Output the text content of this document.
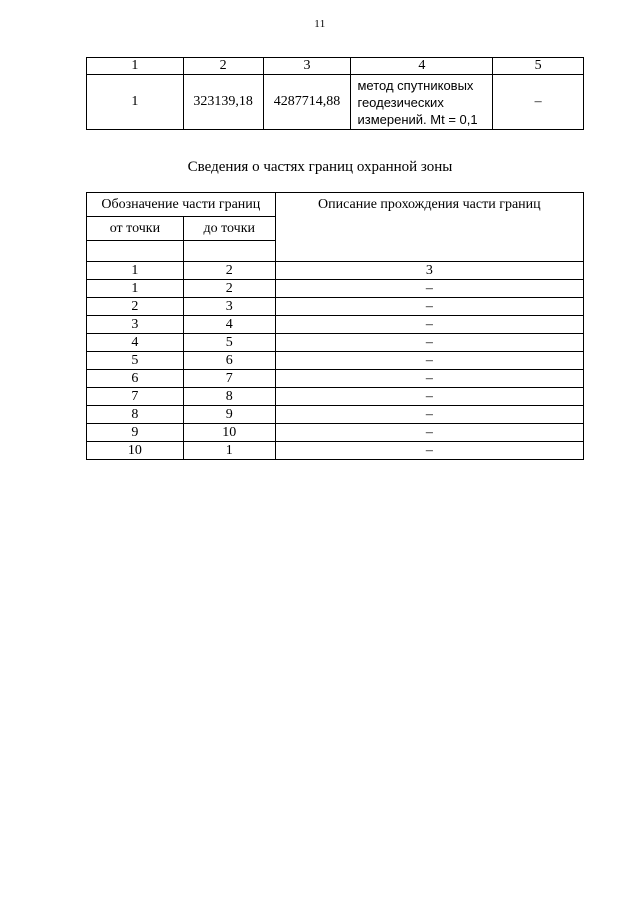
11
1	2	3	4	5
1	323139,18	4287714,88	метод спутниковых
геодезических
измерений. Mt = 0,1	–
Сведения о частях границ охранной зоны
Обозначение части границ		Описание прохождения части границ
от точки	до точки	

1	2	3
1	2	–
2	3	–
3	4	–
4	5	–
5	6	–
6	7	–
7	8	–
8	9	–
9	10	–
10	1	–
